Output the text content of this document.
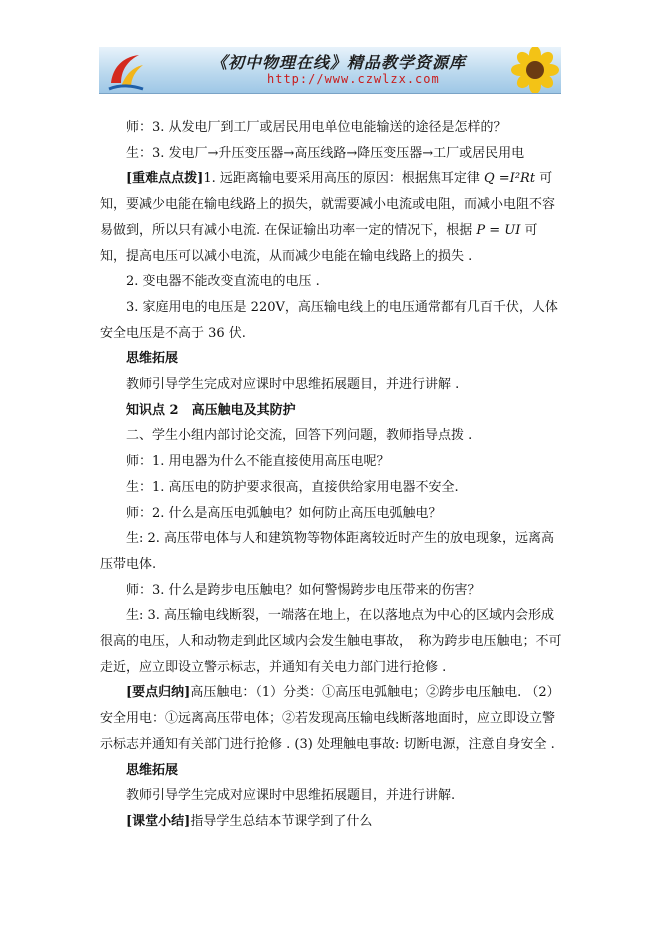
《初中物理在线》精品教学资源库
http://www.czwlzx.com

师：3. 从发电厂到工厂或居民用电单位电能输送的途径是怎样的？

生：3. 发电厂→升压变压器→高压线路→降压变压器→工厂或居民用电

[重难点点拨]1. 远距离输电要采用高压的原因：根据焦耳定律 Q =I²Rt 可知，要减少电能在输电线路上的损失，就需要减小电流或电阻，而减小电阻不容易做到，所以只有减小电流. 在保证输出功率一定的情况下，根据 P = UI 可知，提高电压可以减小电流，从而减少电能在输电线路上的损失 .

2. 变电器不能改变直流电的电压 .

3. 家庭用电的电压是 220V，高压输电线上的电压通常都有几百千伏，人体安全电压是不高于 36 伏.

思维拓展

教师引导学生完成对应课时中思维拓展题目，并进行讲解 .

知识点 2　高压触电及其防护

二、学生小组内部讨论交流，回答下列问题，教师指导点拨 .

师：1. 用电器为什么不能直接使用高压电呢？

生：1. 高压电的防护要求很高，直接供给家用电器不安全.

师：2. 什么是高压电弧触电？如何防止高压电弧触电？

生: 2. 高压带电体与人和建筑物等物体距离较近时产生的放电现象，远离高压带电体.

师：3. 什么是跨步电压触电？如何警惕跨步电压带来的伤害？

生: 3. 高压输电线断裂，一端落在地上，在以落地点为中心的区域内会形成很高的电压，人和动物走到此区域内会发生触电事故，　称为跨步电压触电；不可走近，应立即设立警示标志，并通知有关电力部门进行抢修 .

[要点归纳]高压触电：（1）分类：①高压电弧触电；②跨步电压触电. （2）安全用电：①远离高压带电体；②若发现高压输电线断落地面时，应立即设立警示标志并通知有关部门进行抢修 . (3) 处理触电事故: 切断电源，注意自身安全 .

思维拓展

教师引导学生完成对应课时中思维拓展题目，并进行讲解.

[课堂小结]指导学生总结本节课学到了什么
